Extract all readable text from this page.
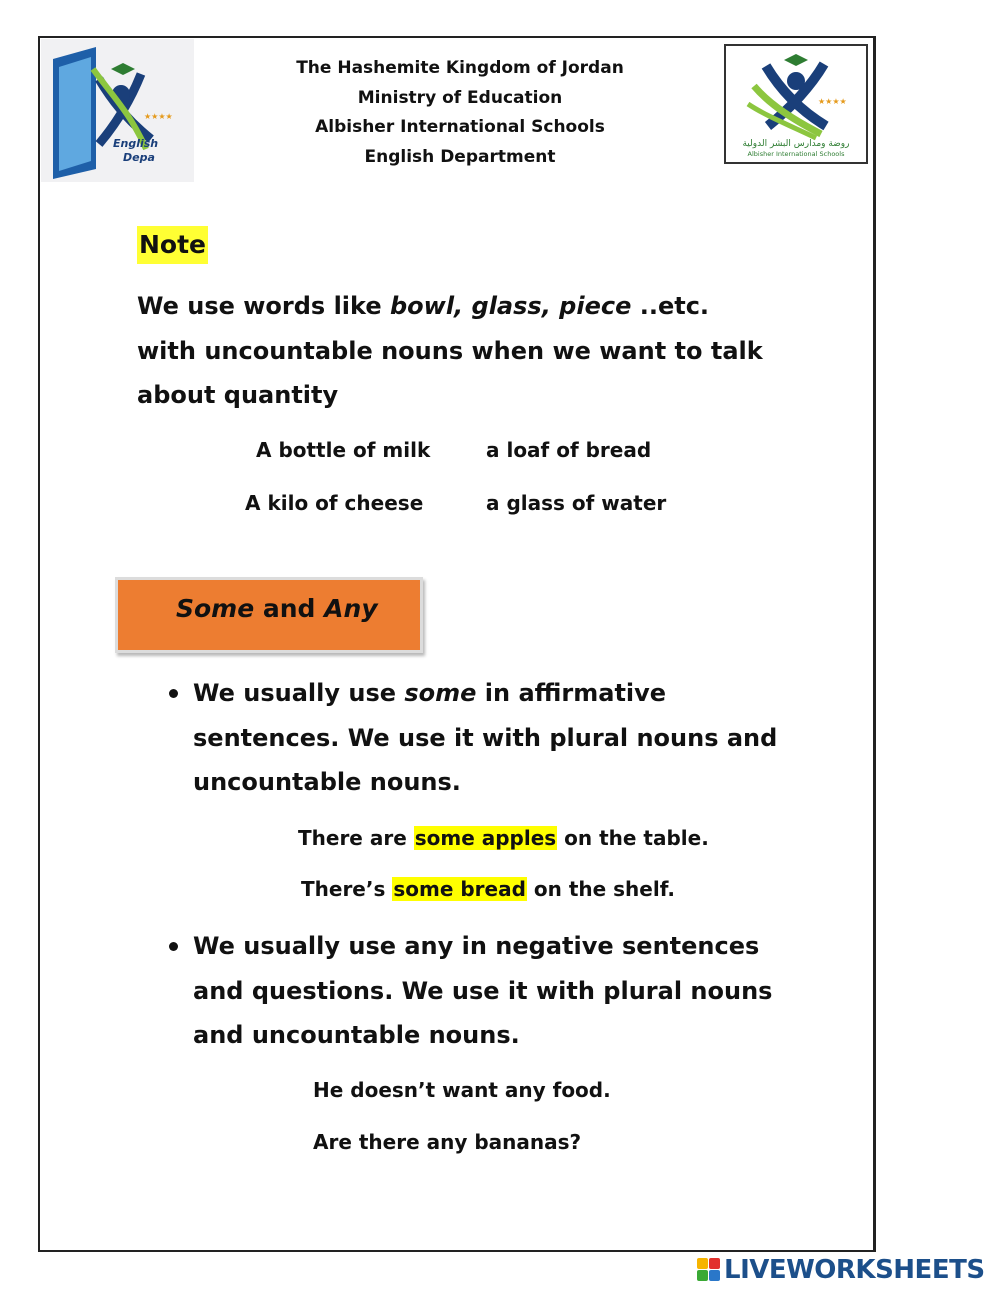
English
Depa
★★★★
The Hashemite Kingdom of Jordan
Ministry of Education
Albisher International Schools
English Department
★★★★
روضة ومدارس البشر الدولية
Albisher International Schools
Note
We use words like bowl, glass, piece ..etc.
with uncountable nouns when we want to talk
about quantity
A bottle of milk	a loaf of bread
A kilo of cheese	a glass of water
Some and Any
We usually use some in affirmative
sentences. We use it with plural nouns and
uncountable nouns.
There are some apples on the table.
There’s some bread on the shelf.
We usually use any in negative sentences
and questions. We use it with plural nouns
and uncountable nouns.
He doesn’t want any food.
Are there any bananas?
LIVEWORKSHEETS
